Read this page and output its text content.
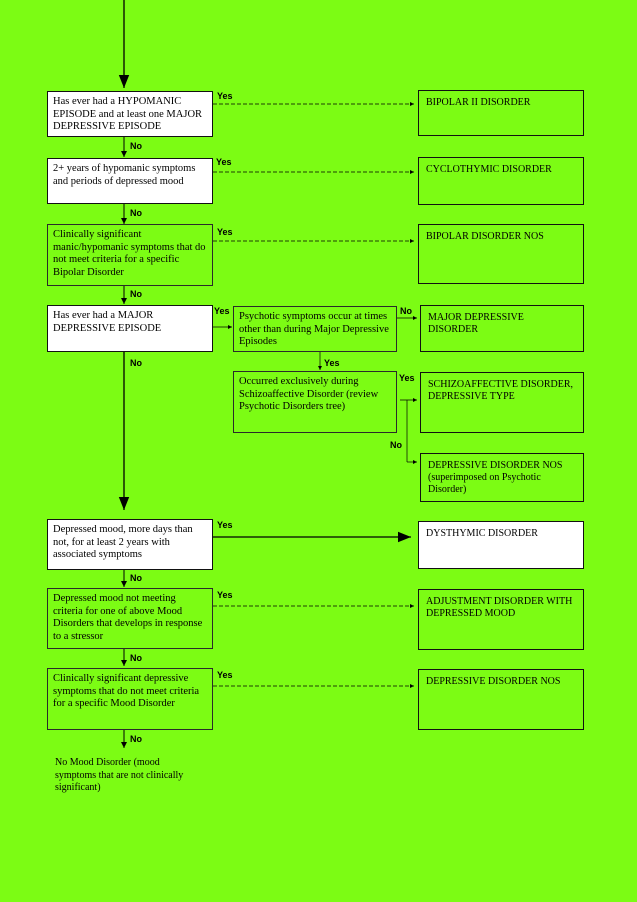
Has ever had a HYPOMANIC EPISODE and at least one MAJOR DEPRESSIVE EPISODE
2+ years of hypomanic symptoms and periods of depressed mood
Clinically significant manic/hypomanic symptoms that do not meet criteria for a specific Bipolar Disorder
Has ever had a MAJOR DEPRESSIVE EPISODE
Psychotic symptoms occur at times other than during Major Depressive Episodes
Occurred exclusively during Schizoaffective Disorder (review Psychotic Disorders tree)
Depressed mood, more days than not, for at least 2 years with associated symptoms
Depressed mood not meeting criteria for one of above Mood Disorders that develops in response to a stressor
Clinically significant depressive symptoms that do not meet criteria for a specific Mood Disorder
BIPOLAR II DISORDER
CYCLOTHYMIC DISORDER
BIPOLAR DISORDER NOS
MAJOR DEPRESSIVE DISORDER
SCHIZOAFFECTIVE DISORDER, DEPRESSIVE TYPE
DEPRESSIVE DISORDER NOS (superimposed on Psychotic Disorder)
DYSTHYMIC DISORDER
ADJUSTMENT DISORDER WITH DEPRESSED MOOD
DEPRESSIVE DISORDER NOS
No Mood Disorder (mood symptoms that are not clinically significant)
Yes
No
Yes
No
Yes
No
Yes	No
Yes
No
Yes
No
Yes
No
Yes
No
Yes
No
